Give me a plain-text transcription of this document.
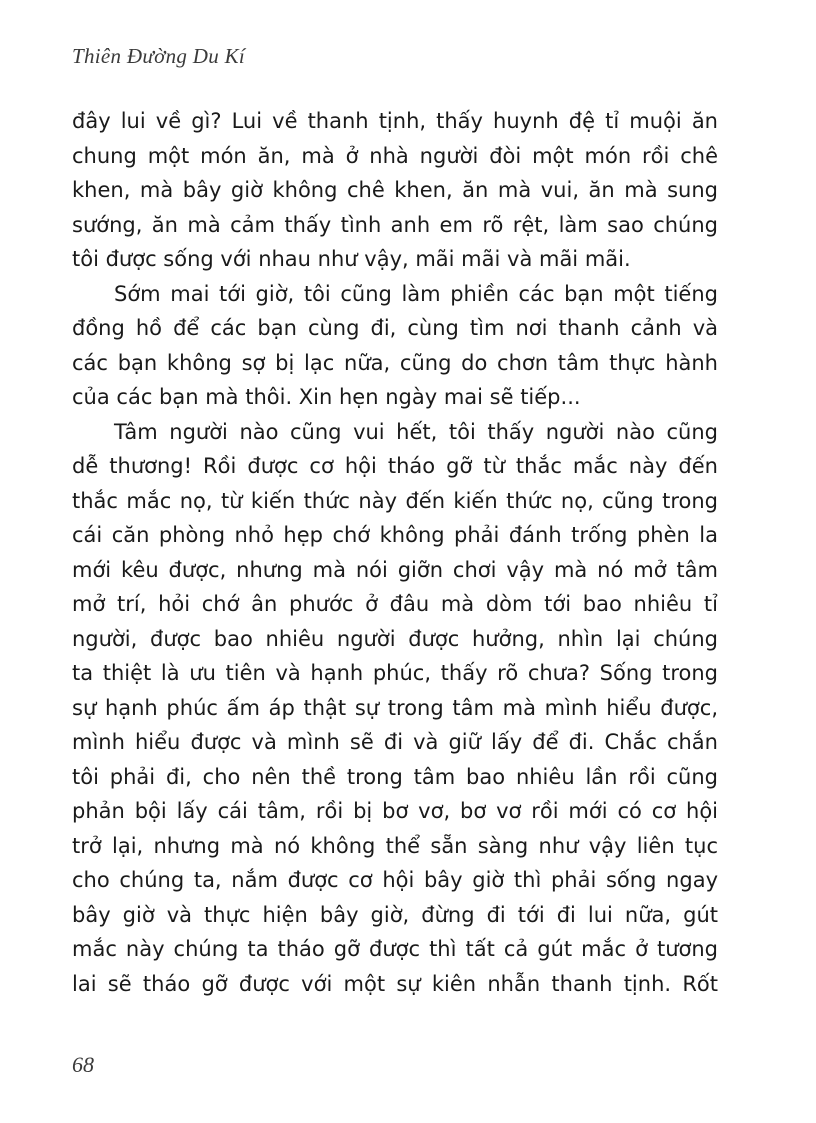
Thiên Đường Du Kí
đây lui về gì? Lui về thanh tịnh, thấy huynh đệ tỉ muội ăn
chung một món ăn, mà ở nhà người đòi một món rồi chê
khen, mà bây giờ không chê khen, ăn mà vui, ăn mà sung
sướng, ăn mà cảm thấy tình anh em rõ rệt, làm sao chúng
tôi được sống với nhau như vậy, mãi mãi và mãi mãi.
Sớm mai tới giờ, tôi cũng làm phiền các bạn một tiếng
đồng hồ để các bạn cùng đi, cùng tìm nơi thanh cảnh và
các bạn không sợ bị lạc nữa, cũng do chơn tâm thực hành
của các bạn mà thôi. Xin hẹn ngày mai sẽ tiếp...
Tâm người nào cũng vui hết, tôi thấy người nào cũng
dễ thương! Rồi được cơ hội tháo gỡ từ thắc mắc này đến
thắc mắc nọ, từ kiến thức này đến kiến thức nọ, cũng trong
cái căn phòng nhỏ hẹp chớ không phải đánh trống phèn la
mới kêu được, nhưng mà nói giỡn chơi vậy mà nó mở tâm
mở trí, hỏi chớ ân phước ở đâu mà dòm tới bao nhiêu tỉ
người, được bao nhiêu người được hưởng, nhìn lại chúng
ta thiệt là ưu tiên và hạnh phúc, thấy rõ chưa? Sống trong
sự hạnh phúc ấm áp thật sự trong tâm mà mình hiểu được,
mình hiểu được và mình sẽ đi và giữ lấy để đi. Chắc chắn
tôi phải đi, cho nên thề trong tâm bao nhiêu lần rồi cũng
phản bội lấy cái tâm, rồi bị bơ vơ, bơ vơ rồi mới có cơ hội
trở lại, nhưng mà nó không thể sẵn sàng như vậy liên tục
cho chúng ta, nắm được cơ hội bây giờ thì phải sống ngay
bây giờ và thực hiện bây giờ, đừng đi tới đi lui nữa, gút
mắc này chúng ta tháo gỡ được thì tất cả gút mắc ở tương
lai sẽ tháo gỡ được với một sự kiên nhẫn thanh tịnh. Rốt
68
